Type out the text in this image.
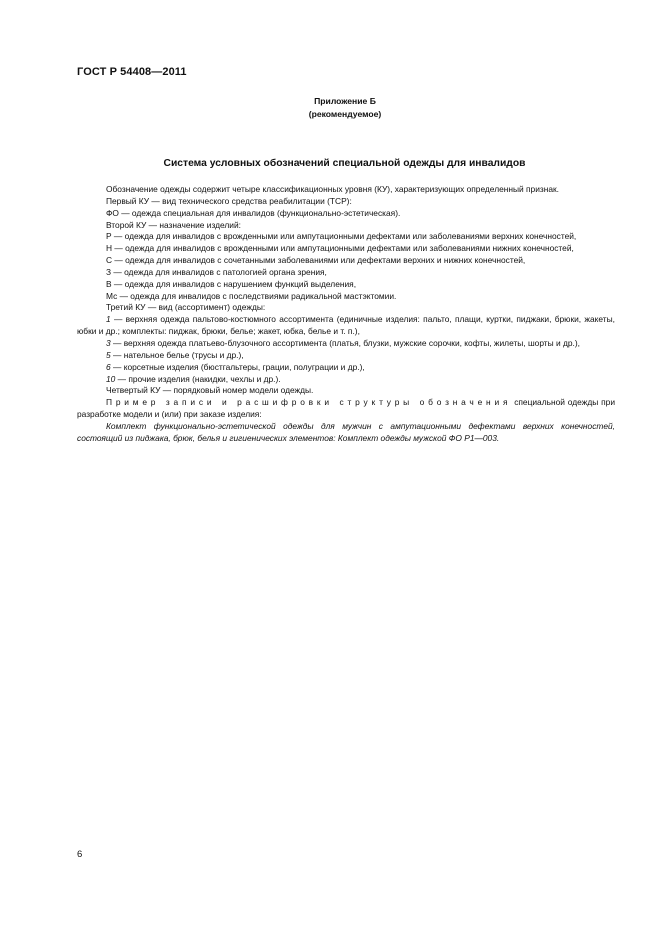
ГОСТ Р 54408—2011
Приложение Б
(рекомендуемое)
Система условных обозначений специальной одежды для инвалидов

Обозначение одежды содержит четыре классификационных уровня (КУ), характеризующих определенный признак.

Первый КУ — вид технического средства реабилитации (ТСР):

ФО — одежда специальная для инвалидов (функционально-эстетическая).

Второй КУ — назначение изделий:

Р — одежда для инвалидов с врожденными или ампутационными дефектами или заболеваниями верхних конечностей,

Н — одежда для инвалидов с врожденными или ампутационными дефектами или заболеваниями нижних конечностей,

С — одежда для инвалидов с сочетанными заболеваниями или дефектами верхних и нижних конечностей,

З — одежда для инвалидов с патологией органа зрения,

В — одежда для инвалидов с нарушением функций выделения,

Мс — одежда для инвалидов с последствиями радикальной мастэктомии.

Третий КУ — вид (ассортимент) одежды:

1 — верхняя одежда пальтово-костюмного ассортимента (единичные изделия: пальто, плащи, куртки, пиджаки, брюки, жакеты, юбки и др.; комплекты: пиджак, брюки, белье; жакет, юбка, белье и т. п.),

3 — верхняя одежда платьево-блузочного ассортимента (платья, блузки, мужские сорочки, кофты, жилеты, шорты и др.),

5 — нательное белье (трусы и др.),

6 — корсетные изделия (бюстгальтеры, грации, полуграции и др.),

10 — прочие изделия (накидки, чехлы и др.).

Четвертый КУ — порядковый номер модели одежды.

Пример записи и расшифровки структуры обозначения специальной одежды при разработке модели и (или) при заказе изделия:

Комплект функционально-эстетической одежды для мужчин с ампутационными дефектами верхних конечностей, состоящий из пиджака, брюк, белья и гигиенических элементов: Комплект одежды мужской ФО Р1—003.

6
